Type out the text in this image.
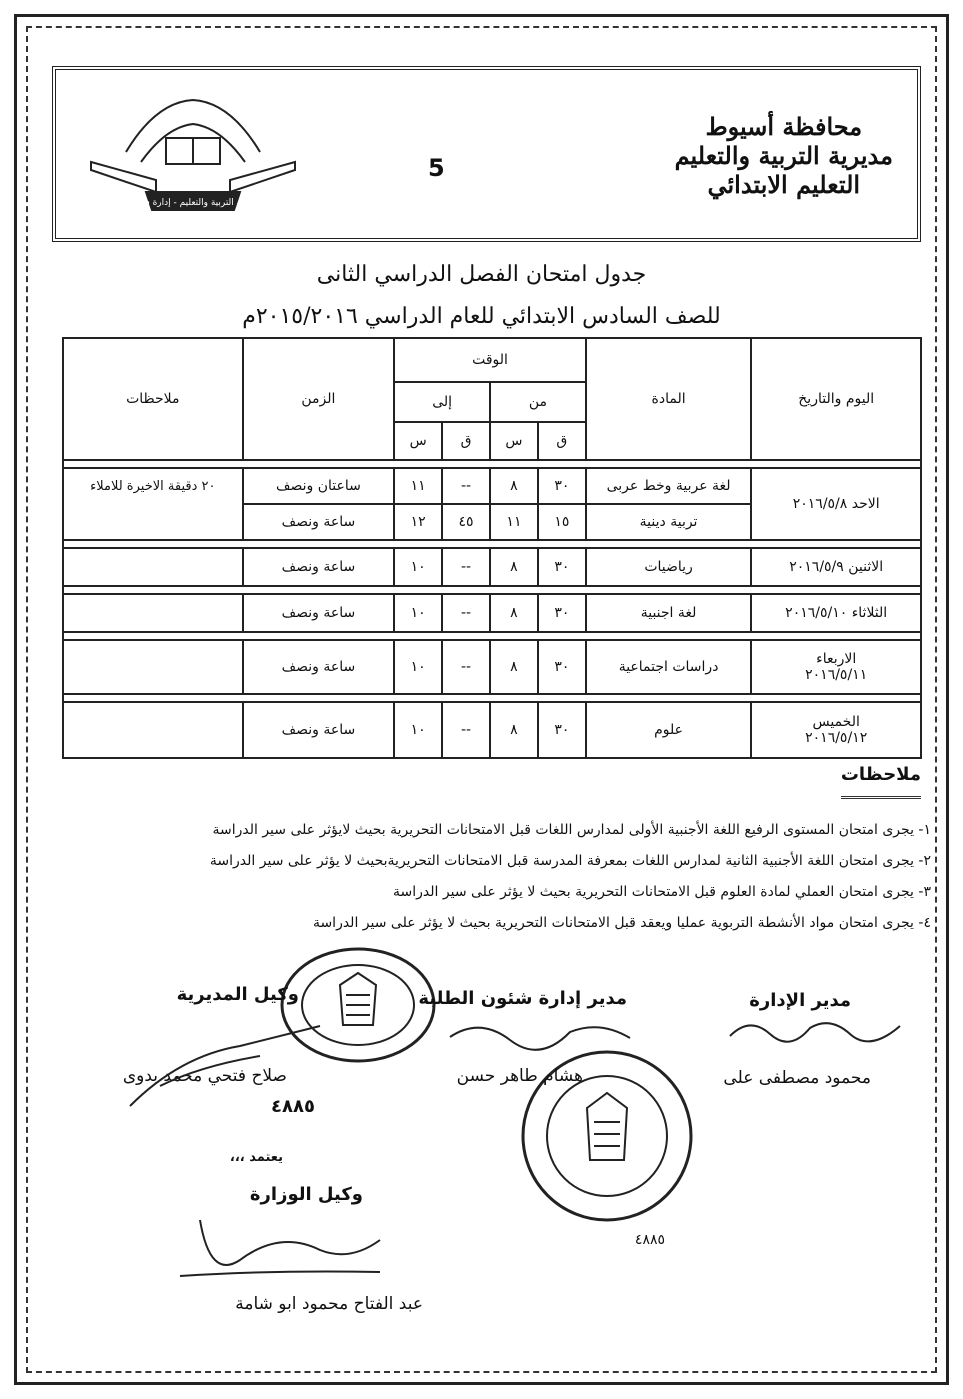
محافظة أسيوط - مديرية التربية والتعليم - إدارة شئون الطلبة والامتحانات
5
محافظة أسيوط
مديرية التربية والتعليم
التعليم الابتدائي
جدول امتحان الفصل الدراسي الثانى
للصف السادس الابتدائي للعام الدراسي ٢٠١٥/٢٠١٦م
اليوم والتاريخ	المادة	الوقت				الزمن	ملاحظات
		من		إلى			
		ق	س	ق	س		

الاحد ٢٠١٦/٥/٨	لغة عربية وخط عربى	٣٠	٨	--	١١	ساعتان ونصف	٢٠ دقيقة الاخيرة للاملاء
	تربية دينية	١٥	١١	٤٥	١٢	ساعة ونصف	

الاثنين ٢٠١٦/٥/٩	رياضيات	٣٠	٨	--	١٠	ساعة ونصف	

الثلاثاء ٢٠١٦/٥/١٠	لغة اجنبية	٣٠	٨	--	١٠	ساعة ونصف	

الاربعاء
٢٠١٦/٥/١١	دراسات اجتماعية	٣٠	٨	--	١٠	ساعة ونصف	

الخميس
٢٠١٦/٥/١٢	علوم	٣٠	٨	--	١٠	ساعة ونصف	
ملاحظات
١- يجرى امتحان المستوى الرفيع اللغة الأجنبية الأولى لمدارس اللغات قبل الامتحانات التحريرية بحيث لايؤثر على سير الدراسة
٢- يجرى امتحان اللغة الأجنبية الثانية لمدارس اللغات بمعرفة المدرسة قبل الامتحانات التحريريةبحيث لا يؤثر على سير الدراسة
٣- يجرى امتحان العملي لمادة العلوم قبل الامتحانات التحريرية بحيث لا يؤثر على سير الدراسة
٤- يجرى امتحان مواد الأنشطة التربوية عمليا ويعقد قبل الامتحانات التحريرية بحيث لا يؤثر على سير الدراسة
مدير الإدارة
محمود مصطفى على
مدير إدارة شئون الطلبة
هشام طاهر حسن
وكيل المديرية
صلاح فتحي محمد بدوى
٤٨٨٥
٤٨٨٥
يعتمد ،،،
وكيل الوزارة
عبد الفتاح محمود ابو شامة
